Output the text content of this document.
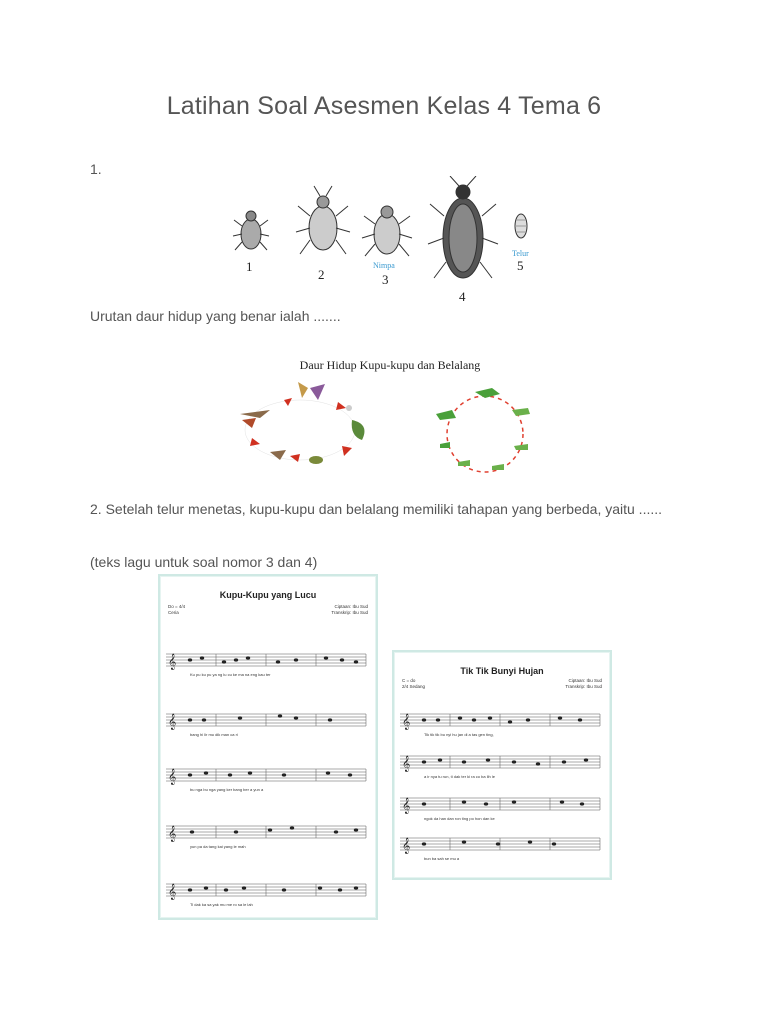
Latihan Soal Asesmen Kelas 4 Tema 6
1.
1
2	3
4
5
Nimpa
Telur
Urutan daur hidup yang benar ialah .......
Daur Hidup Kupu-kupu dan Belalang
2. Setelah telur menetas, kupu-kupu dan belalang memiliki tahapan yang berbeda, yaitu ......
(teks lagu untuk soal nomor 3 dan 4)
Kupu-Kupu yang Lucu
Do = 4/4
Ceria
Ciptaan: Ibu Sud
Transkrip: Ibu Sud
𝄞
𝄞
𝄞
𝄞
𝄞
Ku pu ku pu ya ng lu cu ke ma na eng kau ter
bang hi lir mu dik man ca ri
bu nga bu nga yang ker bang ber a yun a
yun pa da tang kai yang le mah
Ti dak ka sa yak mu me ro sa le lah
Tik Tik Bunyi Hujan
C = do
2/4 Sedang
Ciptaan: Ibu Sud
Transkrip: Ibu Sud
𝄞
𝄞
𝄞
𝄞
Tik tik tik bu nyi hu jan di a tas gen ting,
a ir nya tu run, ti dak ter ki ra co ba lih le
ngok da han dan ron ting po hon dan ke
bun ba sah se mu a
